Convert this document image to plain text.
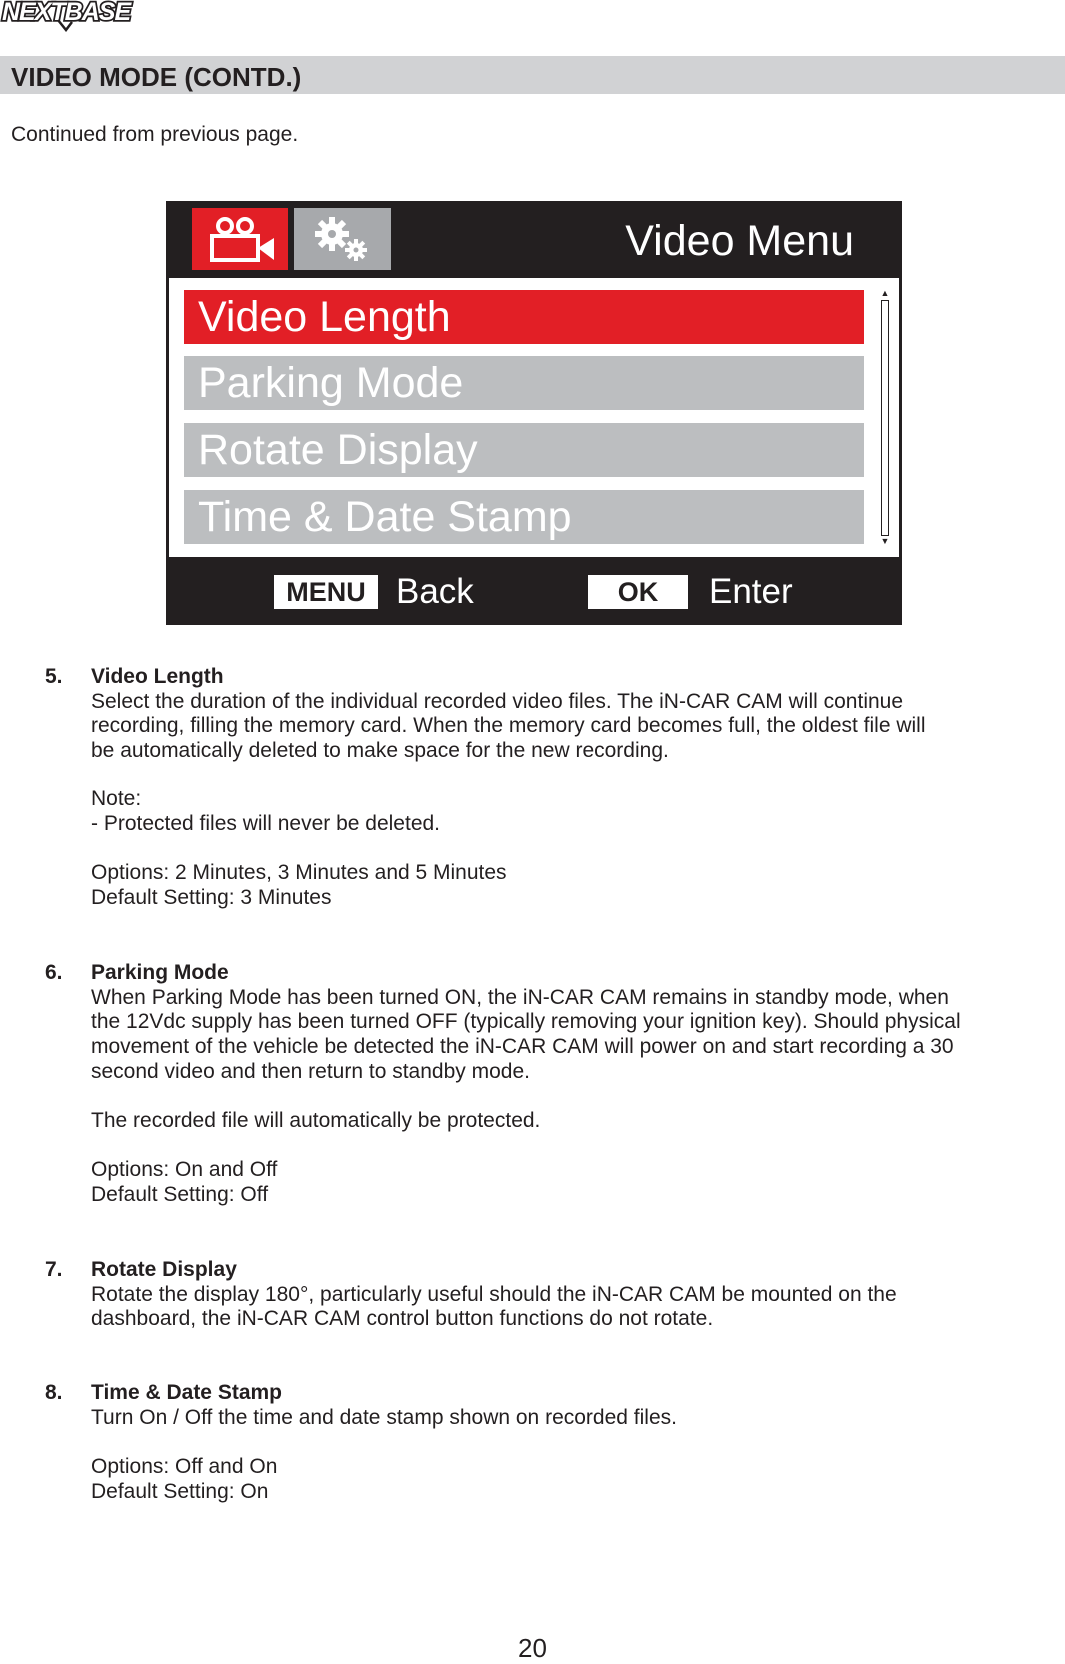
NEXTBASE
VIDEO MODE (CONTD.)
Continued from previous page.
Video Menu
Video Length
Parking Mode
Rotate Display
Time & Date Stamp
▲
▼
MENU Back	OK	Enter
5. Video Length
Select the duration of the individual recorded video files. The iN-CAR CAM will continue
recording, filling the memory card. When the memory card becomes full, the oldest file will
be automatically deleted to make space for the new recording.
Note:
- Protected files will never be deleted.
Options: 2 Minutes, 3 Minutes and 5 Minutes
Default Setting: 3 Minutes
6. Parking Mode
When Parking Mode has been turned ON, the iN-CAR CAM remains in standby mode, when
the 12Vdc supply has been turned OFF (typically removing your ignition key). Should physical
movement of the vehicle be detected the iN-CAR CAM will power on and start recording a 30
second video and then return to standby mode.
The recorded file will automatically be protected.
Options: On and Off
Default Setting: Off
7. Rotate Display
Rotate the display 180°, particularly useful should the iN-CAR CAM be mounted on the
dashboard, the iN-CAR CAM control button functions do not rotate.
8. Time & Date Stamp
Turn On / Off the time and date stamp shown on recorded files.
Options: Off and On
Default Setting: On
20
